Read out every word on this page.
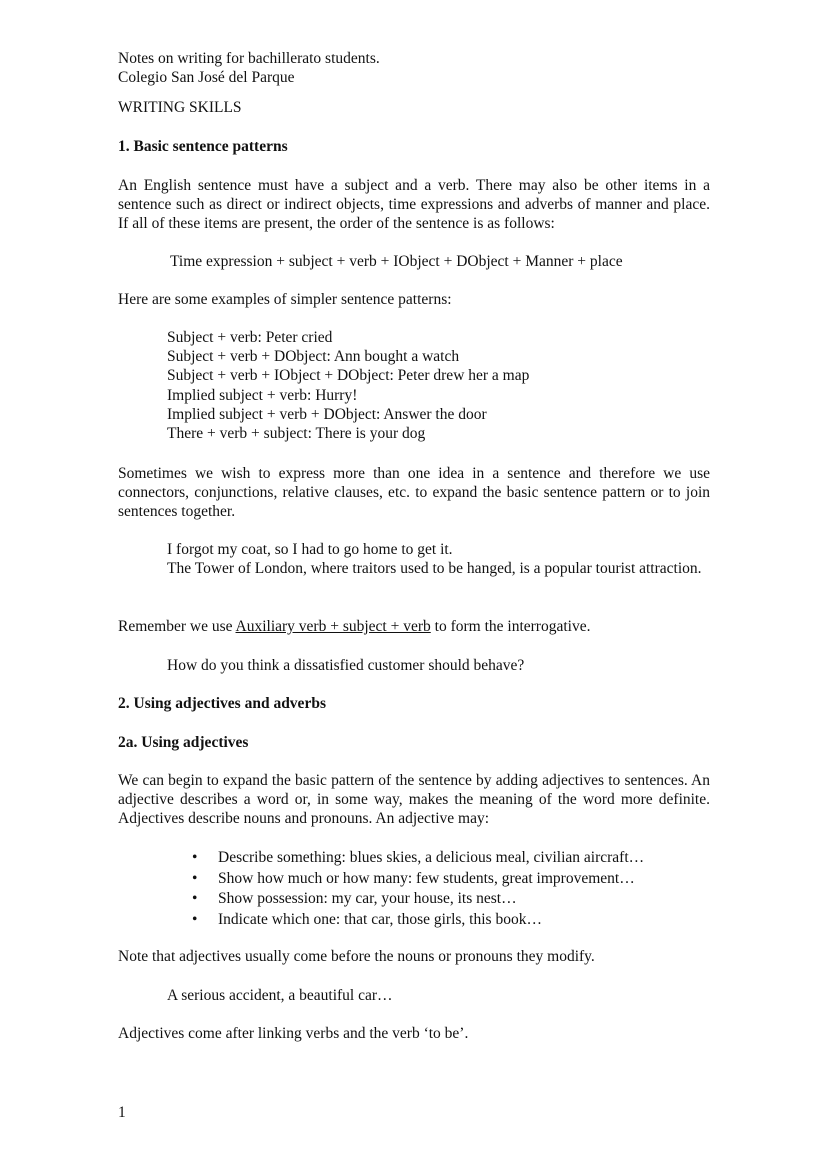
Notes on writing for bachillerato students.
Colegio San José del Parque
WRITING SKILLS
1. Basic sentence patterns
An English sentence must have a subject and a verb. There may also be other items in a sentence such as direct or indirect objects, time expressions and adverbs of manner and place. If all of these items are present, the order of the sentence is as follows:
Time expression + subject + verb + IObject + DObject + Manner + place
Here are some examples of simpler sentence patterns:
Subject + verb: Peter cried
Subject + verb + DObject: Ann bought a watch
Subject + verb + IObject + DObject: Peter drew her a map
Implied subject + verb: Hurry!
Implied subject + verb + DObject: Answer the door
There + verb + subject: There is your dog
Sometimes we wish to express more than one idea in a sentence and therefore we use connectors, conjunctions, relative clauses, etc. to expand the basic sentence pattern or to join sentences together.
I forgot my coat, so I had to go home to get it.
The Tower of London, where traitors used to be hanged, is a popular tourist attraction.
Remember we use Auxiliary verb + subject + verb to form the interrogative.
How do you think a dissatisfied customer should behave?
2. Using adjectives and adverbs
2a. Using adjectives
We can begin to expand the basic pattern of the sentence by adding adjectives to sentences. An adjective describes a word or, in some way, makes the meaning of the word more definite. Adjectives describe nouns and pronouns. An adjective may:
• Describe something: blues skies, a delicious meal, civilian aircraft…
• Show how much or how many: few students, great improvement…
• Show possession: my car, your house, its nest…
• Indicate which one: that car, those girls, this book…
Note that adjectives usually come before the nouns or pronouns they modify.
A serious accident, a beautiful car…
Adjectives come after linking verbs and the verb ‘to be’.
1
